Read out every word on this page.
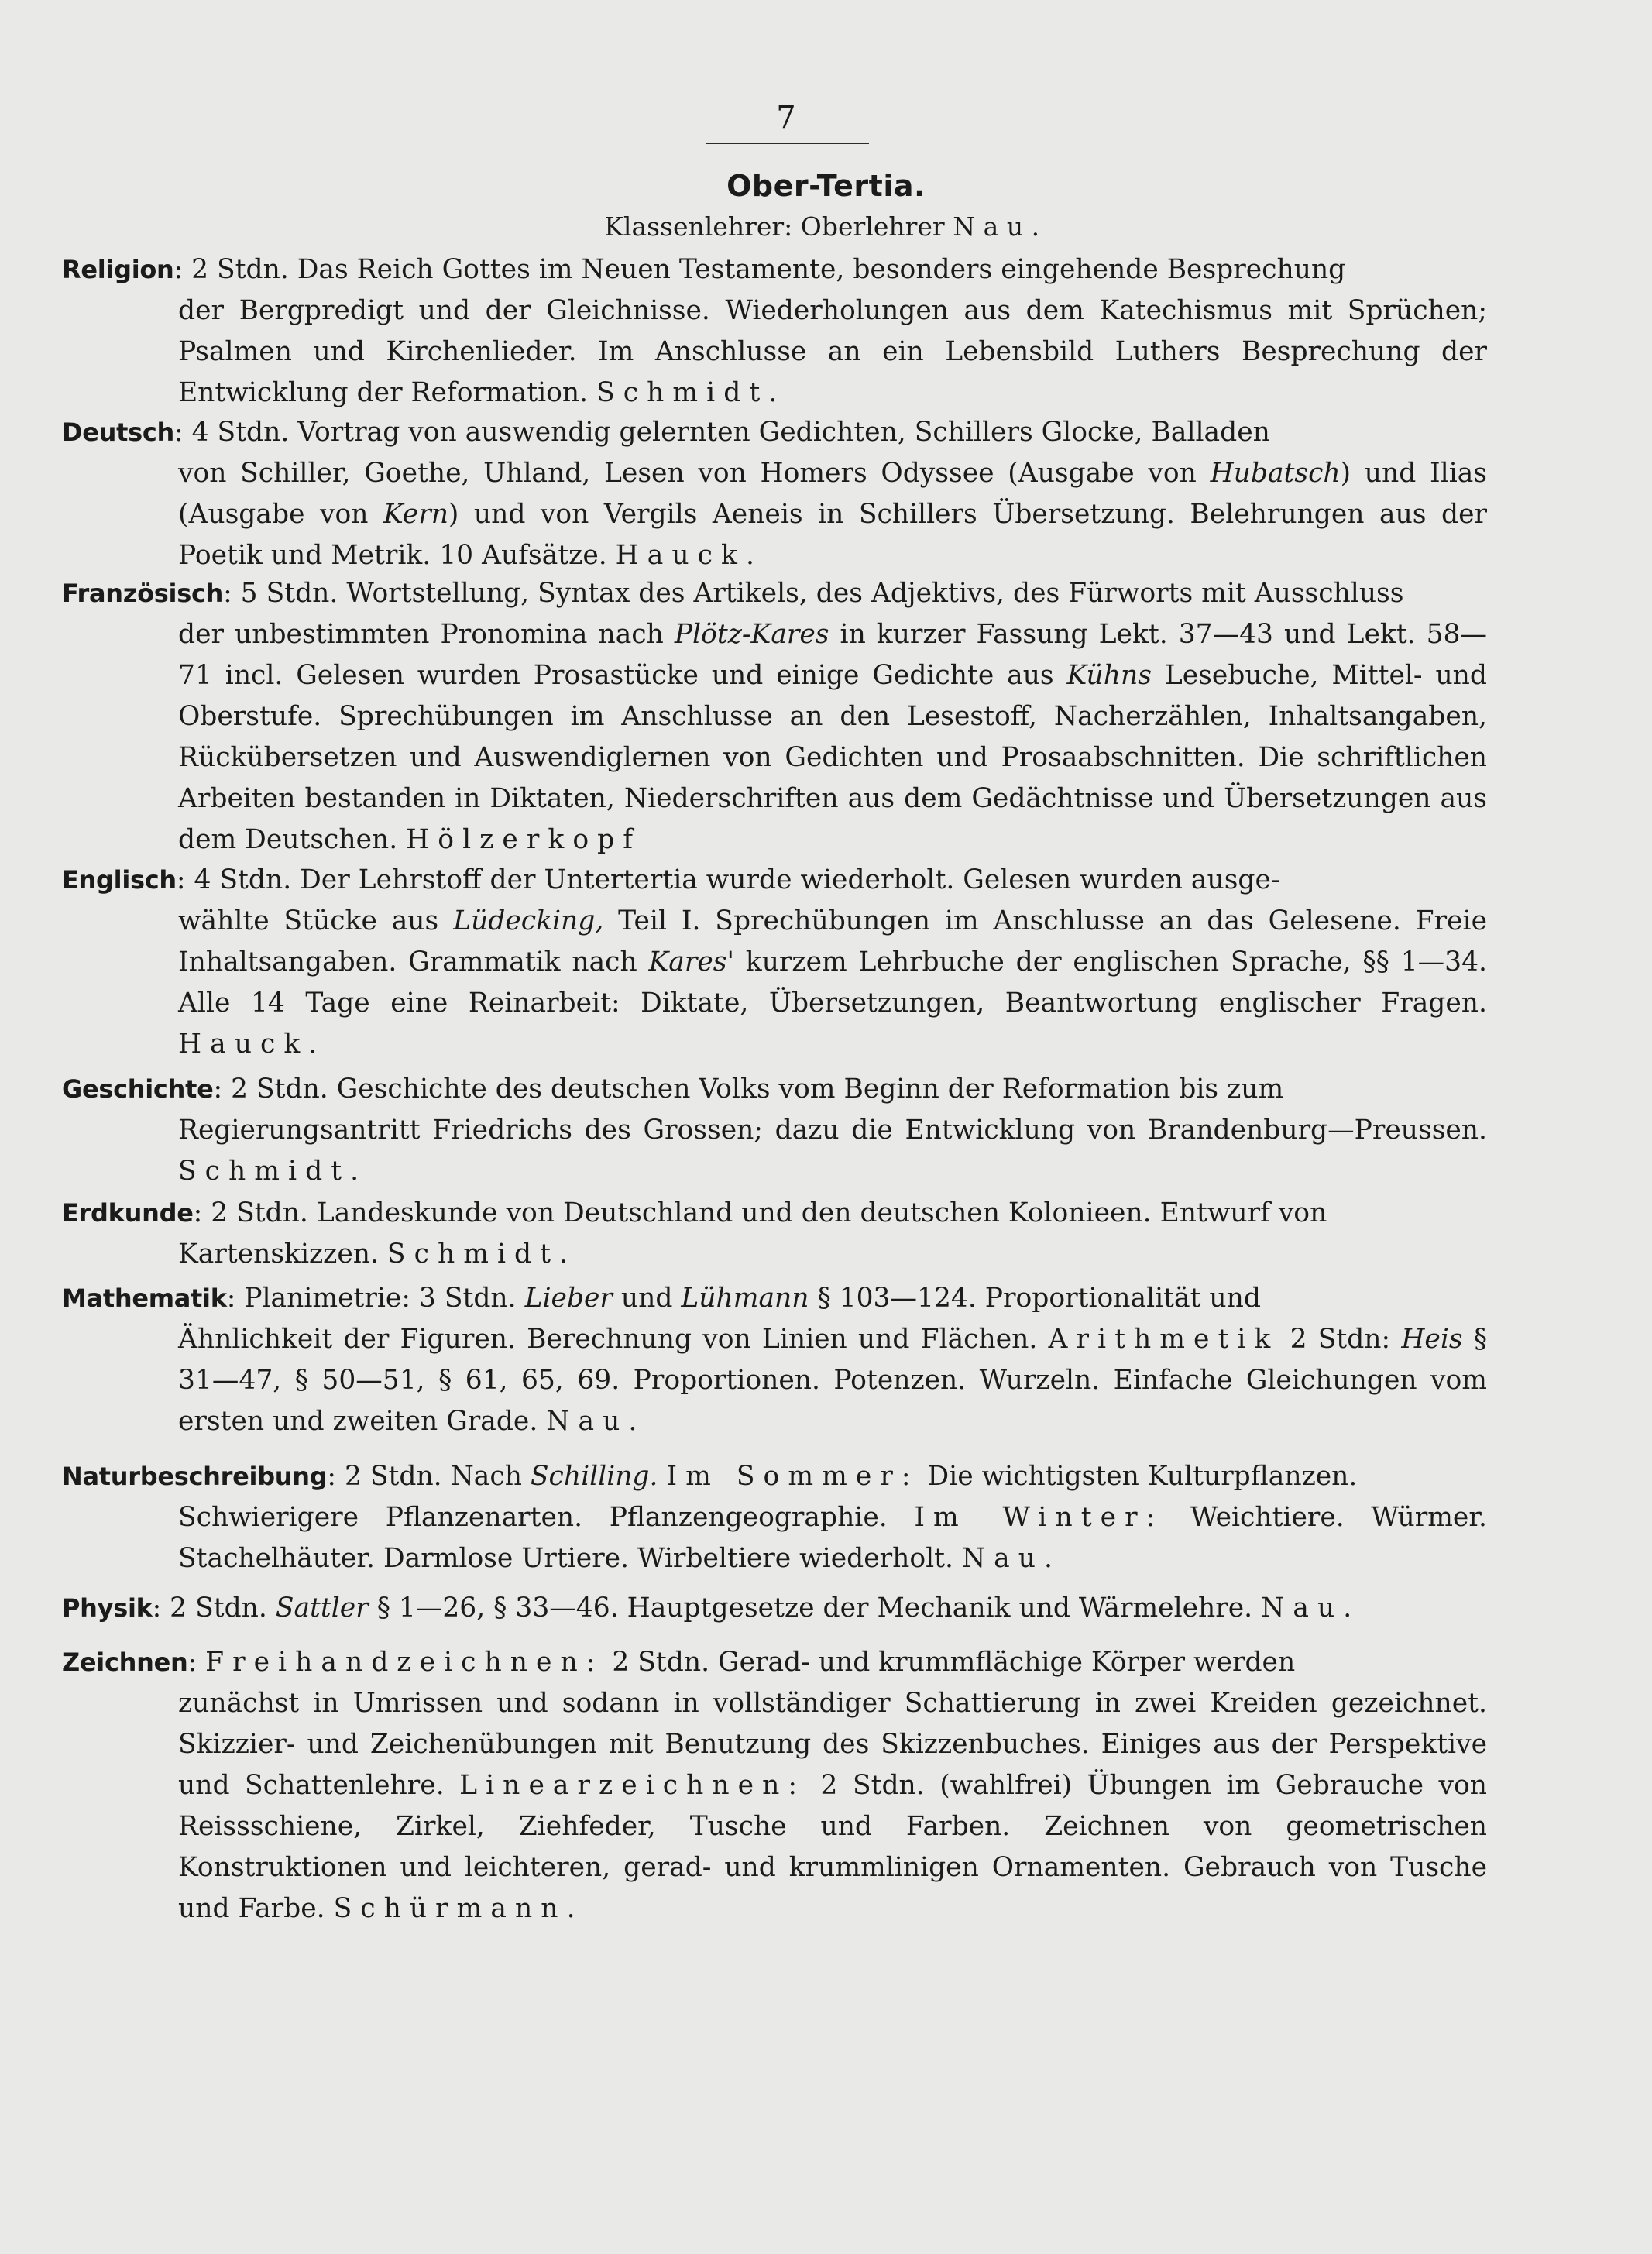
7
Ober-Tertia.
Klassenlehrer: Oberlehrer Nau.
Religion: 2 Stdn. Das Reich Gottes im Neuen Testamente, besonders eingehende Besprechung
der Bergpredigt und der Gleichnisse. Wiederholungen aus dem Katechismus mit Sprüchen; Psalmen und Kirchenlieder. Im Anschlusse an ein Lebensbild Luthers Besprechung der Entwicklung der Reformation. Schmidt.
Deutsch: 4 Stdn. Vortrag von auswendig gelernten Gedichten, Schillers Glocke, Balladen
von Schiller, Goethe, Uhland, Lesen von Homers Odyssee (Ausgabe von Hubatsch) und Ilias (Ausgabe von Kern) und von Vergils Aeneis in Schillers Übersetzung. Belehrungen aus der Poetik und Metrik. 10 Aufsätze. Hauck.
Französisch: 5 Stdn. Wortstellung, Syntax des Artikels, des Adjektivs, des Fürworts mit Ausschluss
der unbestimmten Pronomina nach Plötz-Kares in kurzer Fassung Lekt. 37—43 und Lekt. 58—71 incl. Gelesen wurden Prosastücke und einige Gedichte aus Kühns Lesebuche, Mittel- und Oberstufe. Sprechübungen im Anschlusse an den Lesestoff, Nacherzählen, Inhaltsangaben, Rückübersetzen und Auswendiglernen von Gedichten und Prosaabschnitten. Die schriftlichen Arbeiten bestanden in Diktaten, Niederschriften aus dem Gedächtnisse und Übersetzungen aus dem Deutschen. Hölzerkopf
Englisch: 4 Stdn. Der Lehrstoff der Untertertia wurde wiederholt. Gelesen wurden ausge-
wählte Stücke aus Lüdecking, Teil I. Sprechübungen im Anschlusse an das Gelesene. Freie Inhaltsangaben. Grammatik nach Kares' kurzem Lehrbuche der englischen Sprache, §§ 1—34. Alle 14 Tage eine Reinarbeit: Diktate, Übersetzungen, Beantwortung englischer Fragen. Hauck.
Geschichte: 2 Stdn. Geschichte des deutschen Volks vom Beginn der Reformation bis zum
Regierungsantritt Friedrichs des Grossen; dazu die Entwicklung von Brandenburg—Preussen. Schmidt.
Erdkunde: 2 Stdn. Landeskunde von Deutschland und den deutschen Kolonieen. Entwurf von
Kartenskizzen. Schmidt.
Mathematik: Planimetrie: 3 Stdn. Lieber und Lühmann § 103—124. Proportionalität und
Ähnlichkeit der Figuren. Berechnung von Linien und Flächen. Arithmetik 2 Stdn: Heis § 31—47, § 50—51, § 61, 65, 69. Proportionen. Potenzen. Wurzeln. Einfache Gleichungen vom ersten und zweiten Grade. Nau.
Naturbeschreibung: 2 Stdn. Nach Schilling. Im Sommer: Die wichtigsten Kulturpflanzen.
Schwierigere Pflanzenarten. Pflanzengeographie. Im Winter: Weichtiere. Würmer. Stachelhäuter. Darmlose Urtiere. Wirbeltiere wiederholt. Nau.
Physik: 2 Stdn. Sattler § 1—26, § 33—46. Hauptgesetze der Mechanik und Wärmelehre. Nau.
Zeichnen: Freihandzeichnen: 2 Stdn. Gerad- und krummflächige Körper werden
zunächst in Umrissen und sodann in vollständiger Schattierung in zwei Kreiden gezeichnet. Skizzier- und Zeichenübungen mit Benutzung des Skizzenbuches. Einiges aus der Perspektive und Schattenlehre. Linearzeichnen: 2 Stdn. (wahlfrei) Übungen im Gebrauche von Reissschiene, Zirkel, Ziehfeder, Tusche und Farben. Zeichnen von geometrischen Konstruktionen und leichteren, gerad- und krummlinigen Ornamenten. Gebrauch von Tusche und Farbe. Schürmann.
